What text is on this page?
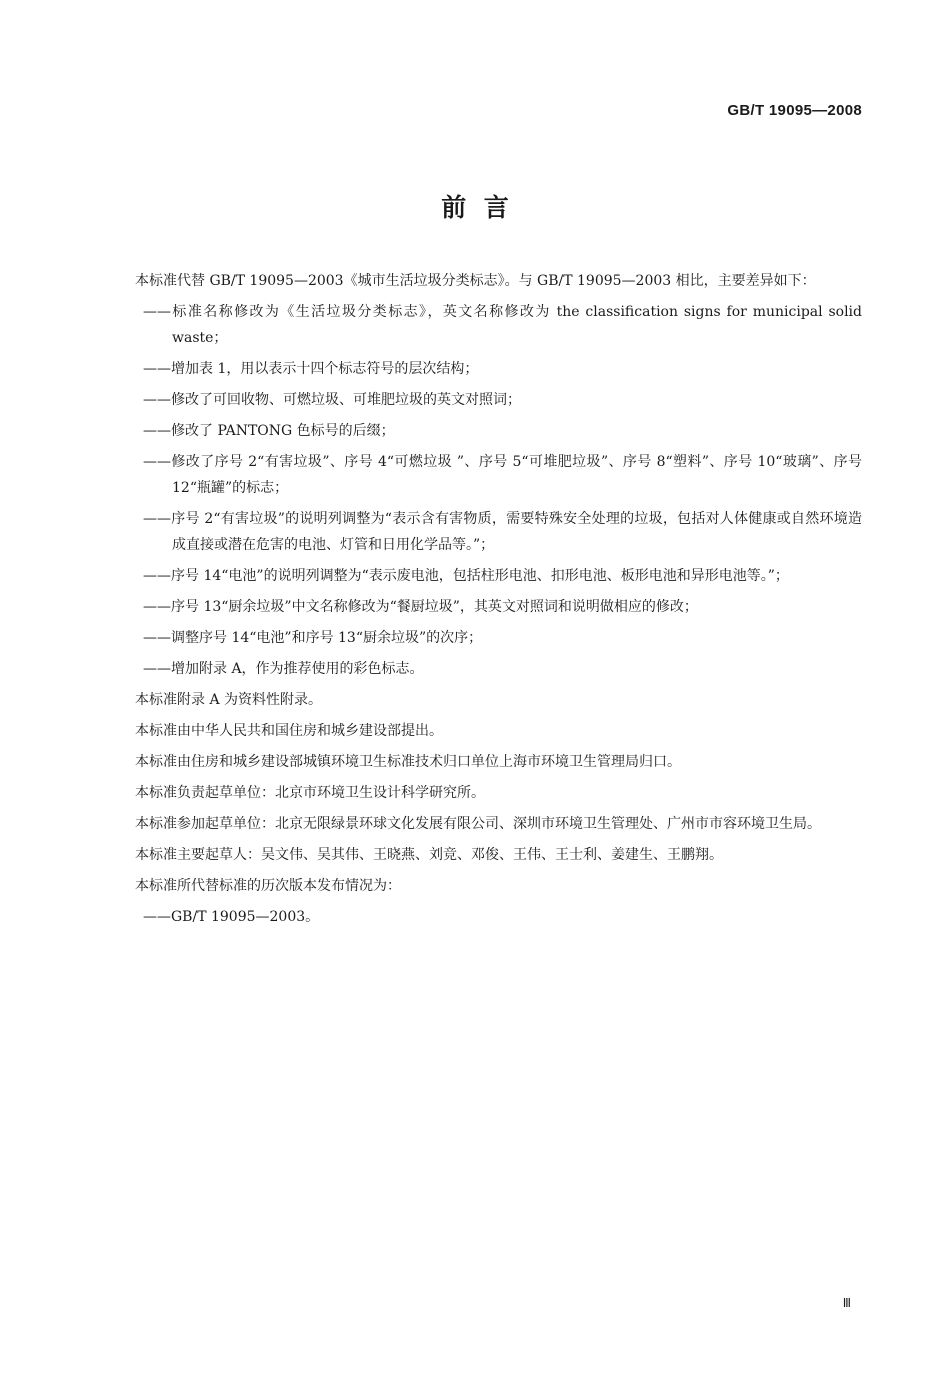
GB/T 19095—2008
前  言

本标准代替 GB/T 19095—2003《城市生活垃圾分类标志》。与 GB/T 19095—2003 相比，主要差异如下：

——标准名称修改为《生活垃圾分类标志》，英文名称修改为 the classification signs for municipal solid waste；

——增加表 1，用以表示十四个标志符号的层次结构；

——修改了可回收物、可燃垃圾、可堆肥垃圾的英文对照词；

——修改了 PANTONG 色标号的后缀；

——修改了序号 2“有害垃圾”、序号 4“可燃垃圾 ”、序号 5“可堆肥垃圾”、序号 8“塑料”、序号 10“玻璃”、序号 12“瓶罐”的标志；

——序号 2“有害垃圾”的说明列调整为“表示含有害物质，需要特殊安全处理的垃圾，包括对人体健康或自然环境造成直接或潜在危害的电池、灯管和日用化学品等。”；

——序号 14“电池”的说明列调整为“表示废电池，包括柱形电池、扣形电池、板形电池和异形电池等。”；

——序号 13“厨余垃圾”中文名称修改为“餐厨垃圾”，其英文对照词和说明做相应的修改；

——调整序号 14“电池”和序号 13“厨余垃圾”的次序；

——增加附录 A，作为推荐使用的彩色标志。

本标准附录 A 为资料性附录。

本标准由中华人民共和国住房和城乡建设部提出。

本标准由住房和城乡建设部城镇环境卫生标准技术归口单位上海市环境卫生管理局归口。

本标准负责起草单位：北京市环境卫生设计科学研究所。

本标准参加起草单位：北京无限绿景环球文化发展有限公司、深圳市环境卫生管理处、广州市市容环境卫生局。

本标准主要起草人：吴文伟、吴其伟、王晓燕、刘竞、邓俊、王伟、王士利、姜建生、王鹏翔。

本标准所代替标准的历次版本发布情况为：

——GB/T 19095—2003。

Ⅲ
